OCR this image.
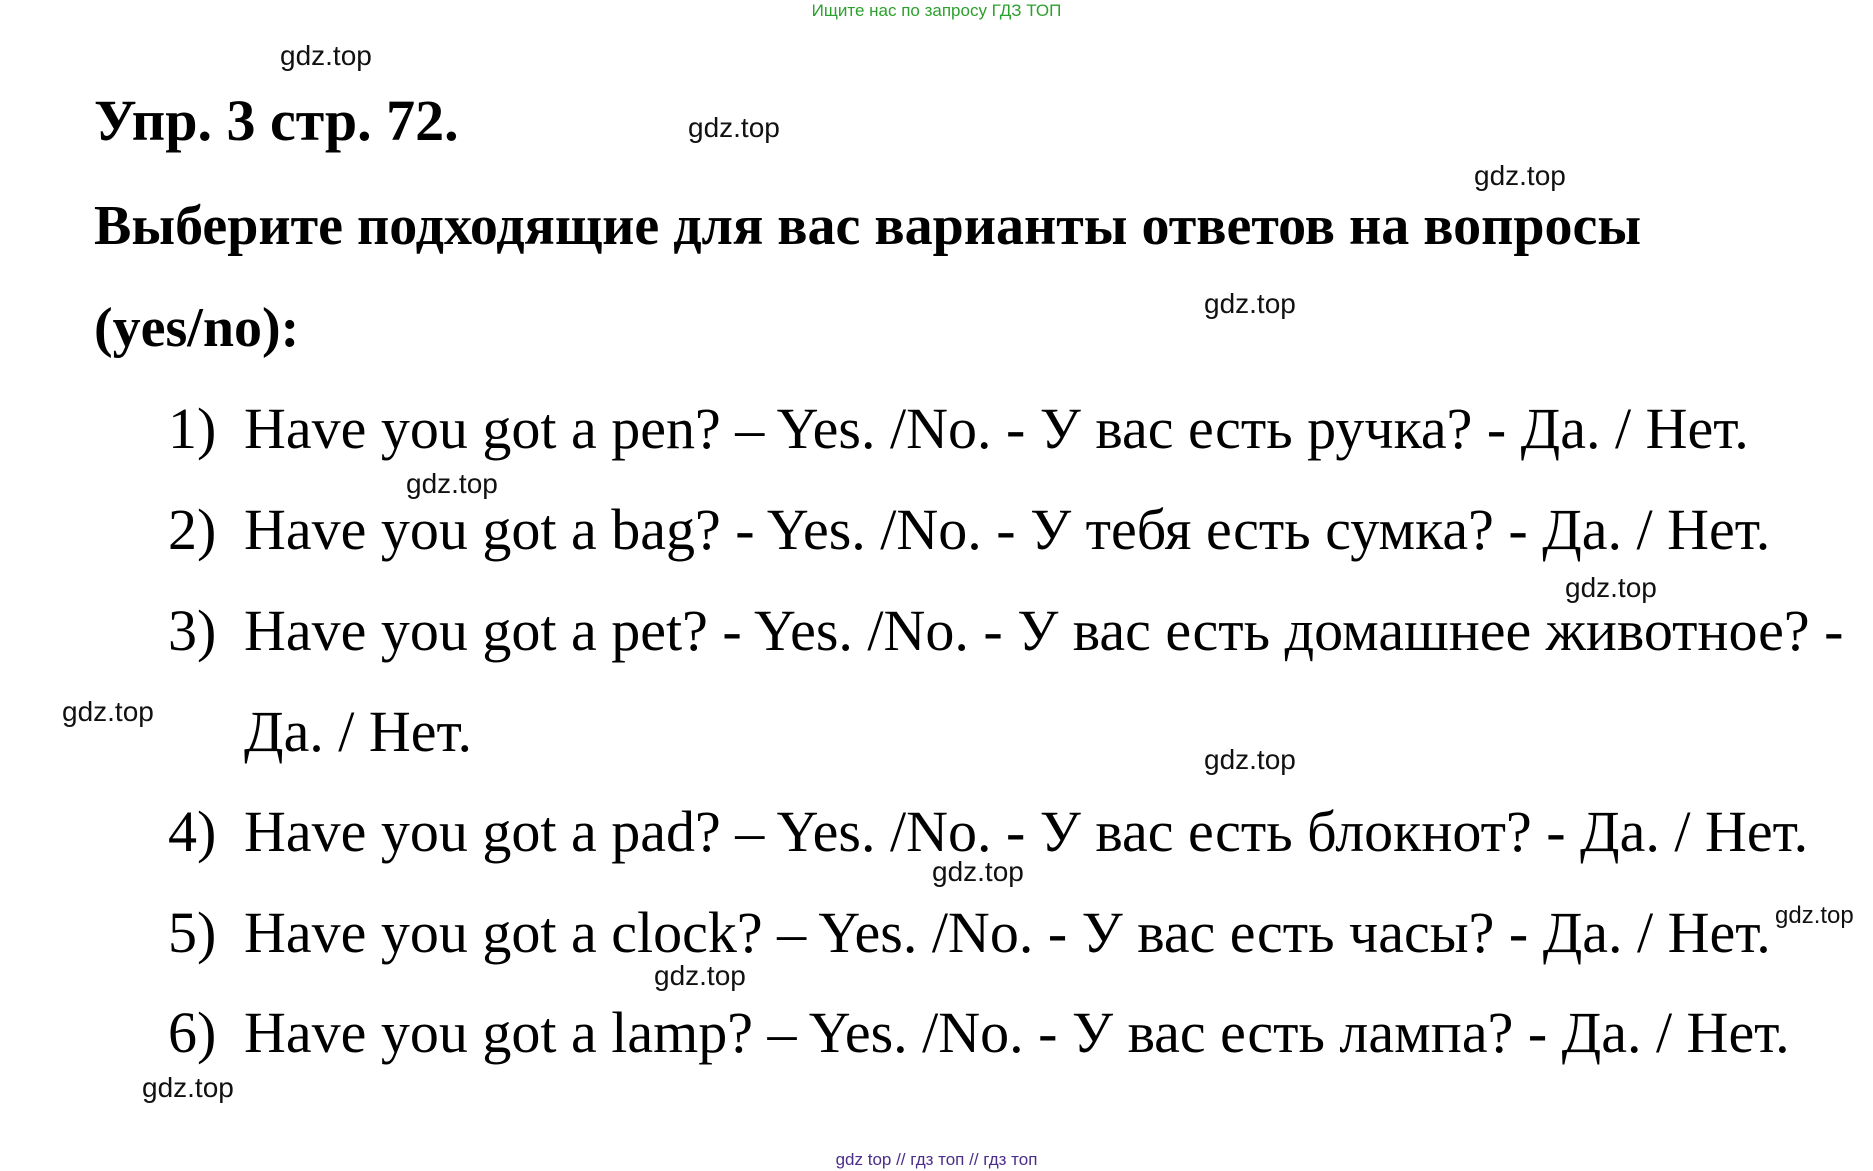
Ищите нас по запросу ГДЗ ТОП
gdz.top
gdz.top
gdz.top
gdz.top
gdz.top
gdz.top
gdz.top
gdz.top
gdz.top
gdz.top
gdz.top
gdz.top
Упр. 3 стр. 72.

Выберите подходящие для вас варианты ответов на вопросы

(yes/no):

1) Have you got a pen? – Yes. /No. - У вас есть ручка? - Да. / Нет.
2) Have you got a bag? - Yes. /No. - У тебя есть сумка? - Да. / Нет.
3) Have you got a pet? - Yes. /No. - У вас есть домашнее животное? -
Да. / Нет.
4) Have you got a pad? – Yes. /No. - У вас есть блокнот? - Да. / Нет.
5) Have you got a clock? – Yes. /No. - У вас есть часы? - Да. / Нет.
6) Have you got a lamp? – Yes. /No. - У вас есть лампа? - Да. / Нет.
gdz top // гдз топ // гдз топ
